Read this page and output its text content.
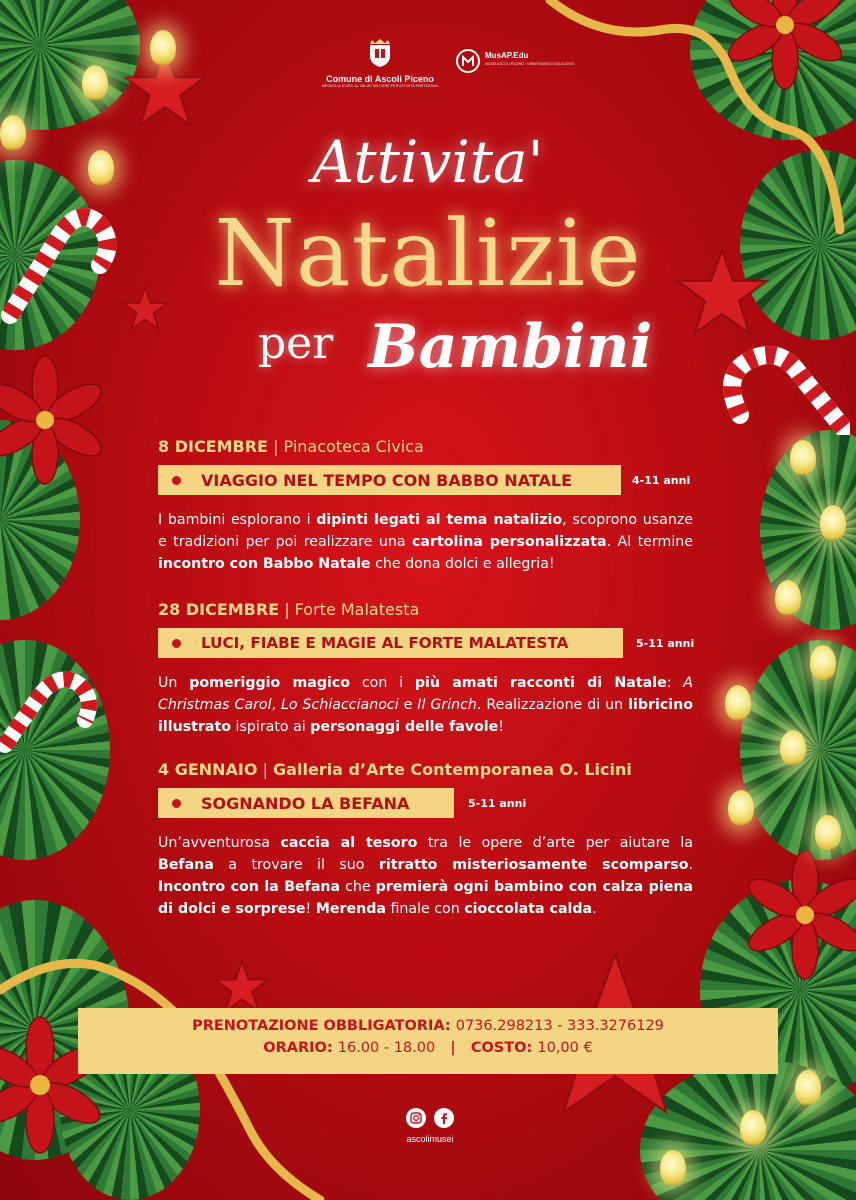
Comune di Ascoli Piceno
MEDAGLIA D'ORO AL VALOR MILITARE PER ATTIVITÀ PARTIGIANA
MusAP.Edu
MUSEI ASCOLI PICENO · DIPARTIMENTO EDUCATIVO
Attivita'
Natalizie
per Bambini
8 DICEMBRE | Pinacoteca Civica
VIAGGIO NEL TEMPO CON BABBO NATALE	4-11 anni
I bambini esplorano i dipinti legati al tema natalizio, scoprono usanze e tradizioni per poi realizzare una cartolina personalizzata. Al termine incontro con Babbo Natale che dona dolci e allegria!
28 DICEMBRE | Forte Malatesta
LUCI, FIABE E MAGIE AL FORTE MALATESTA	5-11 anni
Un pomeriggio magico con i più amati racconti di Natale: A Christmas Carol, Lo Schiaccianoci e Il Grinch. Realizzazione di un libricino illustrato ispirato ai personaggi delle favole!
4 GENNAIO | Galleria d’Arte Contemporanea O. Licini
SOGNANDO LA BEFANA	5-11 anni
Un’avventurosa caccia al tesoro tra le opere d’arte per aiutare la Befana a trovare il suo ritratto misteriosamente scomparso. Incontro con la Befana che premierà ogni bambino con calza piena di dolci e sorprese! Merenda finale con cioccolata calda.
PRENOTAZIONE OBBLIGATORIA: 0736.298213 - 333.3276129
ORARIO: 16.00 - 18.00 | COSTO: 10,00 €
ascolimusei
